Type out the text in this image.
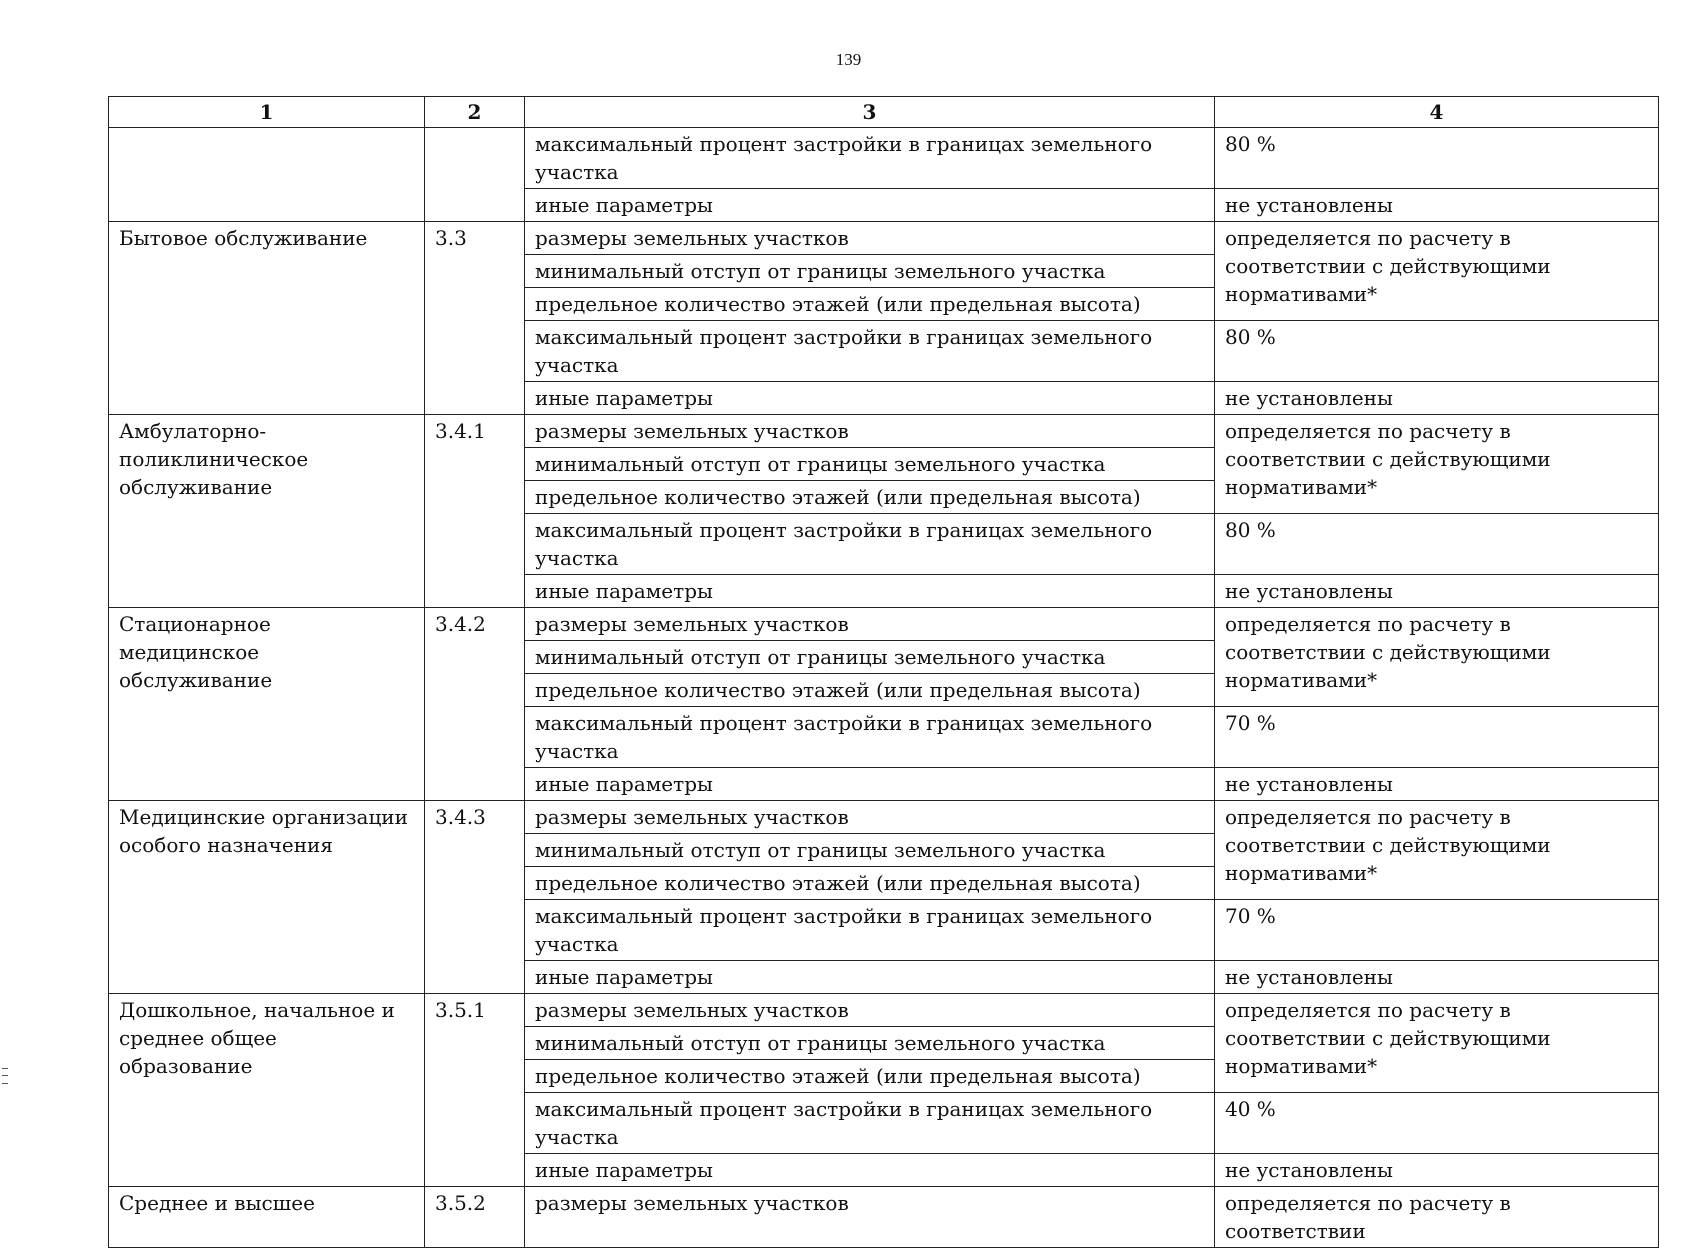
139
1	2	3	4
		максимальный процент застройки в границах земельного участка	80 %
		иные параметры	не установлены
Бытовое обслуживание	3.3	размеры земельных участков	определяется по расчету в соответствии с действующими нормативами*
		минимальный отступ от границы земельного участка	
		предельное количество этажей (или предельная высота)	
		максимальный процент застройки в границах земельного участка	80 %
		иные параметры	не установлены
Амбулаторно-поликлиническое обслуживание	3.4.1	размеры земельных участков	определяется по расчету в соответствии с действующими нормативами*
		минимальный отступ от границы земельного участка	
		предельное количество этажей (или предельная высота)	
		максимальный процент застройки в границах земельного участка	80 %
		иные параметры	не установлены
Стационарное медицинское обслуживание	3.4.2	размеры земельных участков	определяется по расчету в соответствии с действующими нормативами*
		минимальный отступ от границы земельного участка	
		предельное количество этажей (или предельная высота)	
		максимальный процент застройки в границах земельного участка	70 %
		иные параметры	не установлены
Медицинские организации особого назначения	3.4.3	размеры земельных участков	определяется по расчету в соответствии с действующими нормативами*
		минимальный отступ от границы земельного участка	
		предельное количество этажей (или предельная высота)	
		максимальный процент застройки в границах земельного участка	70 %
		иные параметры	не установлены
Дошкольное, начальное и среднее общее образование	3.5.1	размеры земельных участков	определяется по расчету в соответствии с действующими нормативами*
		минимальный отступ от границы земельного участка	
		предельное количество этажей (или предельная высота)	
		максимальный процент застройки в границах земельного участка	40 %
		иные параметры	не установлены
Среднее и высшее	3.5.2	размеры земельных участков	определяется по расчету в соответствии
